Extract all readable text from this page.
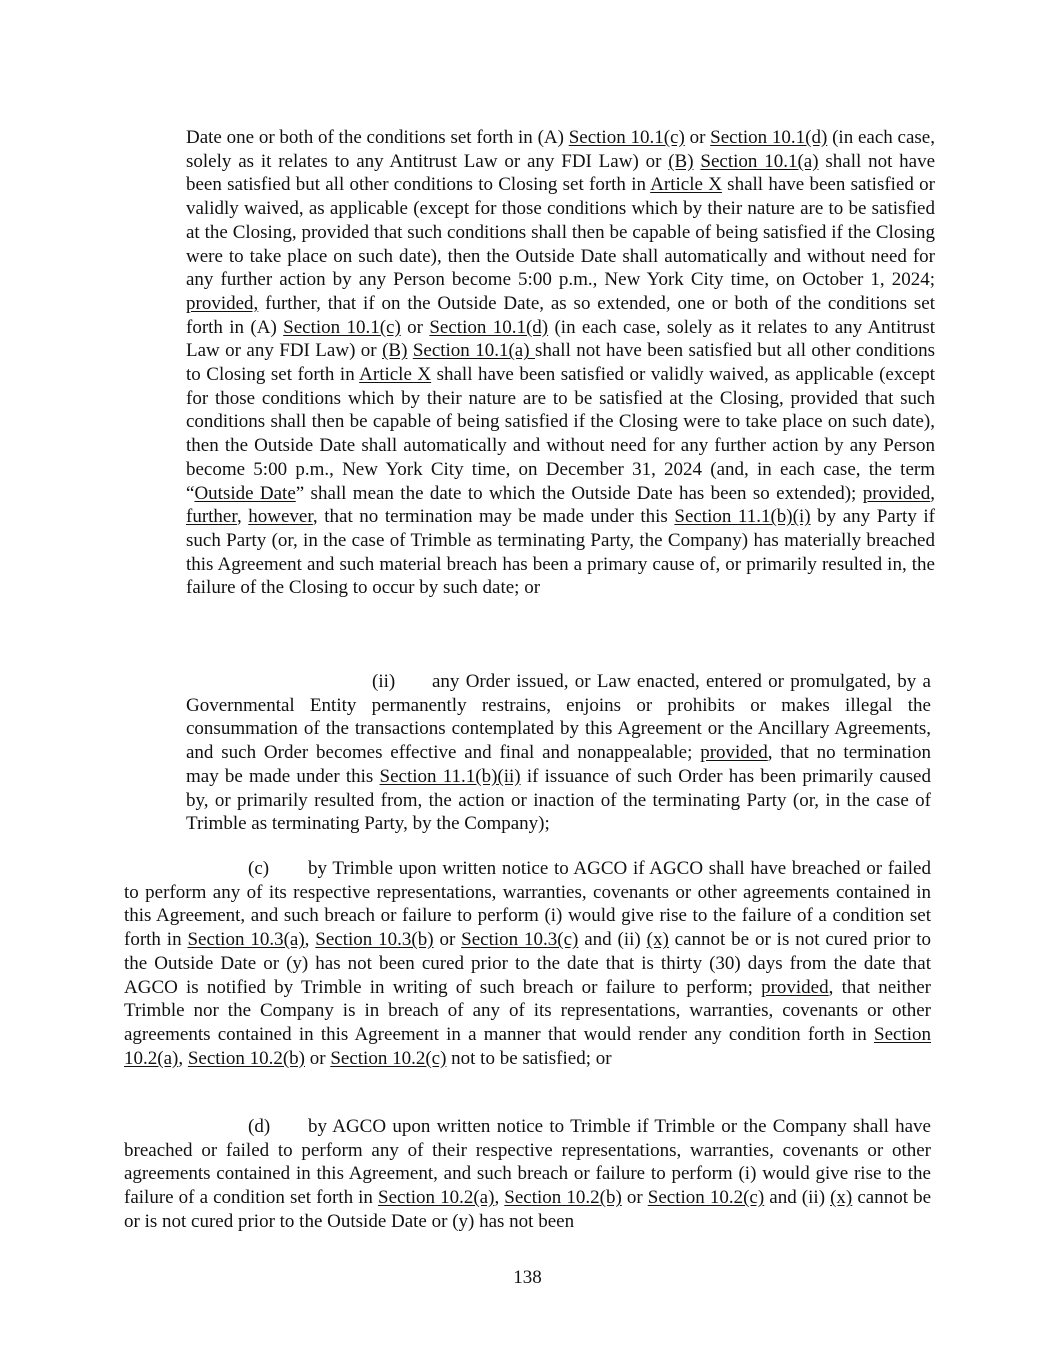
Date one or both of the conditions set forth in (A) Section 10.1(c) or Section 10.1(d) (in each case, solely as it relates to any Antitrust Law or any FDI Law) or (B) Section 10.1(a) shall not have been satisfied but all other conditions to Closing set forth in Article X shall have been satisfied or validly waived, as applicable (except for those conditions which by their nature are to be satisfied at the Closing, provided that such conditions shall then be capable of being satisfied if the Closing were to take place on such date), then the Outside Date shall automatically and without need for any further action by any Person become 5:00 p.m., New York City time, on October 1, 2024; provided, further, that if on the Outside Date, as so extended, one or both of the conditions set forth in (A) Section 10.1(c) or Section 10.1(d) (in each case, solely as it relates to any Antitrust Law or any FDI Law) or (B) Section 10.1(a) shall not have been satisfied but all other conditions to Closing set forth in Article X shall have been satisfied or validly waived, as applicable (except for those conditions which by their nature are to be satisfied at the Closing, provided that such conditions shall then be capable of being satisfied if the Closing were to take place on such date), then the Outside Date shall automatically and without need for any further action by any Person become 5:00 p.m., New York City time, on December 31, 2024 (and, in each case, the term “Outside Date” shall mean the date to which the Outside Date has been so extended); provided, further, however, that no termination may be made under this Section 11.1(b)(i) by any Party if such Party (or, in the case of Trimble as terminating Party, the Company) has materially breached this Agreement and such material breach has been a primary cause of, or primarily resulted in, the failure of the Closing to occur by such date; or

(ii) any Order issued, or Law enacted, entered or promulgated, by a Governmental Entity permanently restrains, enjoins or prohibits or makes illegal the consummation of the transactions contemplated by this Agreement or the Ancillary Agreements, and such Order becomes effective and final and nonappealable; provided, that no termination may be made under this Section 11.1(b)(ii) if issuance of such Order has been primarily caused by, or primarily resulted from, the action or inaction of the terminating Party (or, in the case of Trimble as terminating Party, by the Company);

(c) by Trimble upon written notice to AGCO if AGCO shall have breached or failed to perform any of its respective representations, warranties, covenants or other agreements contained in this Agreement, and such breach or failure to perform (i) would give rise to the failure of a condition set forth in Section 10.3(a), Section 10.3(b) or Section 10.3(c) and (ii) (x) cannot be or is not cured prior to the Outside Date or (y) has not been cured prior to the date that is thirty (30) days from the date that AGCO is notified by Trimble in writing of such breach or failure to perform; provided, that neither Trimble nor the Company is in breach of any of its representations, warranties, covenants or other agreements contained in this Agreement in a manner that would render any condition forth in Section 10.2(a), Section 10.2(b) or Section 10.2(c) not to be satisfied; or

(d) by AGCO upon written notice to Trimble if Trimble or the Company shall have breached or failed to perform any of their respective representations, warranties, covenants or other agreements contained in this Agreement, and such breach or failure to perform (i) would give rise to the failure of a condition set forth in Section 10.2(a), Section 10.2(b) or Section 10.2(c) and (ii) (x) cannot be or is not cured prior to the Outside Date or (y) has not been

138
